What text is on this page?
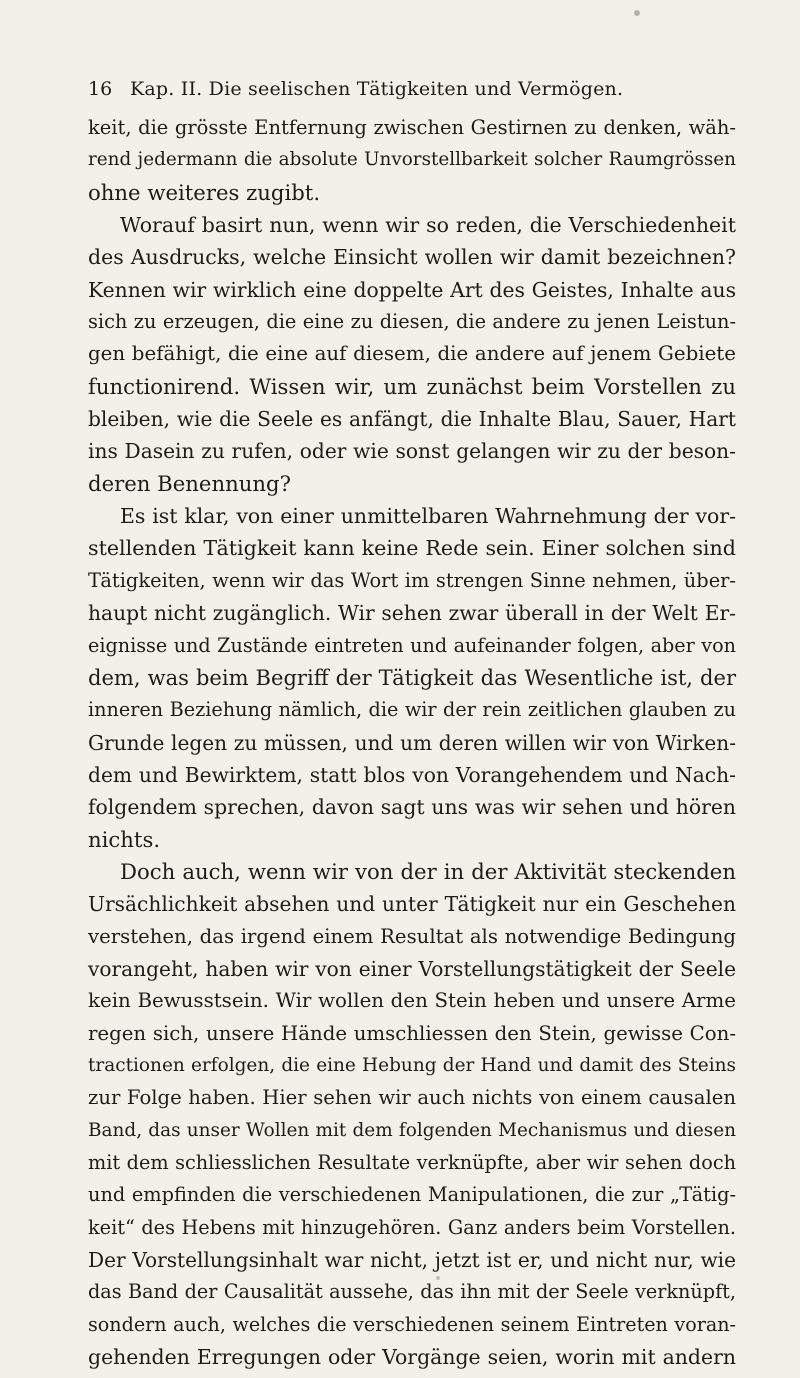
16 Kap. II. Die seelischen Tätigkeiten und Vermögen.
keit, die grösste Entfernung zwischen Gestirnen zu denken, wäh-
rend jedermann die absolute Unvorstellbarkeit solcher Raumgrössen
ohne weiteres zugibt.
Worauf basirt nun, wenn wir so reden, die Verschiedenheit
des Ausdrucks, welche Einsicht wollen wir damit bezeichnen?
Kennen wir wirklich eine doppelte Art des Geistes, Inhalte aus
sich zu erzeugen, die eine zu diesen, die andere zu jenen Leistun-
gen befähigt, die eine auf diesem, die andere auf jenem Gebiete
functionirend. Wissen wir, um zunächst beim Vorstellen zu
bleiben, wie die Seele es anfängt, die Inhalte Blau, Sauer, Hart
ins Dasein zu rufen, oder wie sonst gelangen wir zu der beson-
deren Benennung?
Es ist klar, von einer unmittelbaren Wahrnehmung der vor-
stellenden Tätigkeit kann keine Rede sein. Einer solchen sind
Tätigkeiten, wenn wir das Wort im strengen Sinne nehmen, über-
haupt nicht zugänglich. Wir sehen zwar überall in der Welt Er-
eignisse und Zustände eintreten und aufeinander folgen, aber von
dem, was beim Begriff der Tätigkeit das Wesentliche ist, der
inneren Beziehung nämlich, die wir der rein zeitlichen glauben zu
Grunde legen zu müssen, und um deren willen wir von Wirken-
dem und Bewirktem, statt blos von Vorangehendem und Nach-
folgendem sprechen, davon sagt uns was wir sehen und hören
nichts.
Doch auch, wenn wir von der in der Aktivität steckenden
Ursächlichkeit absehen und unter Tätigkeit nur ein Geschehen
verstehen, das irgend einem Resultat als notwendige Bedingung
vorangeht, haben wir von einer Vorstellungstätigkeit der Seele
kein Bewusstsein. Wir wollen den Stein heben und unsere Arme
regen sich, unsere Hände umschliessen den Stein, gewisse Con-
tractionen erfolgen, die eine Hebung der Hand und damit des Steins
zur Folge haben. Hier sehen wir auch nichts von einem causalen
Band, das unser Wollen mit dem folgenden Mechanismus und diesen
mit dem schliesslichen Resultate verknüpfte, aber wir sehen doch
und empfinden die verschiedenen Manipulationen, die zur „Tätig-
keit“ des Hebens mit hinzugehören. Ganz anders beim Vorstellen.
Der Vorstellungsinhalt war nicht, jetzt ist er, und nicht nur, wie
das Band der Causalität aussehe, das ihn mit der Seele verknüpft,
sondern auch, welches die verschiedenen seinem Eintreten voran-
gehenden Erregungen oder Vorgänge seien, worin mit andern
